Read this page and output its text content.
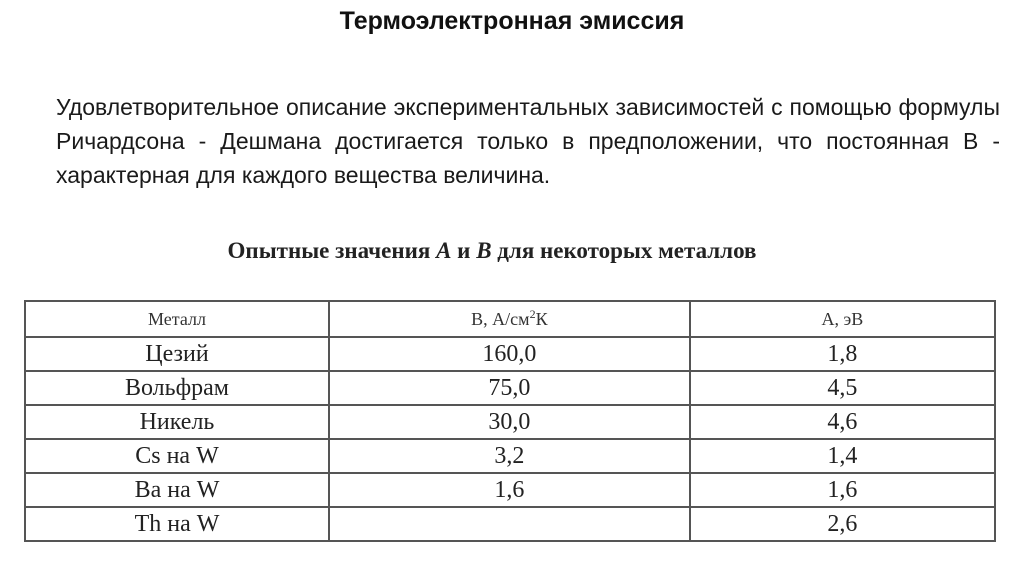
Термоэлектронная эмиссия
Удовлетворительное описание экспериментальных зависимостей с помощью формулы Ричардсона - Дешмана достигается только в предположении, что постоянная B - характерная для каждого вещества величина.
Опытные значения A и B для некоторых металлов
Металл	B, $А/см^2К$	А, эВ
Цезий	160,0	1,8
Вольфрам	75,0	4,5
Никель	30,0	4,6
Cs на W	3,2	1,4
Ba на W	1,6	1,6
Th на W		2,6
